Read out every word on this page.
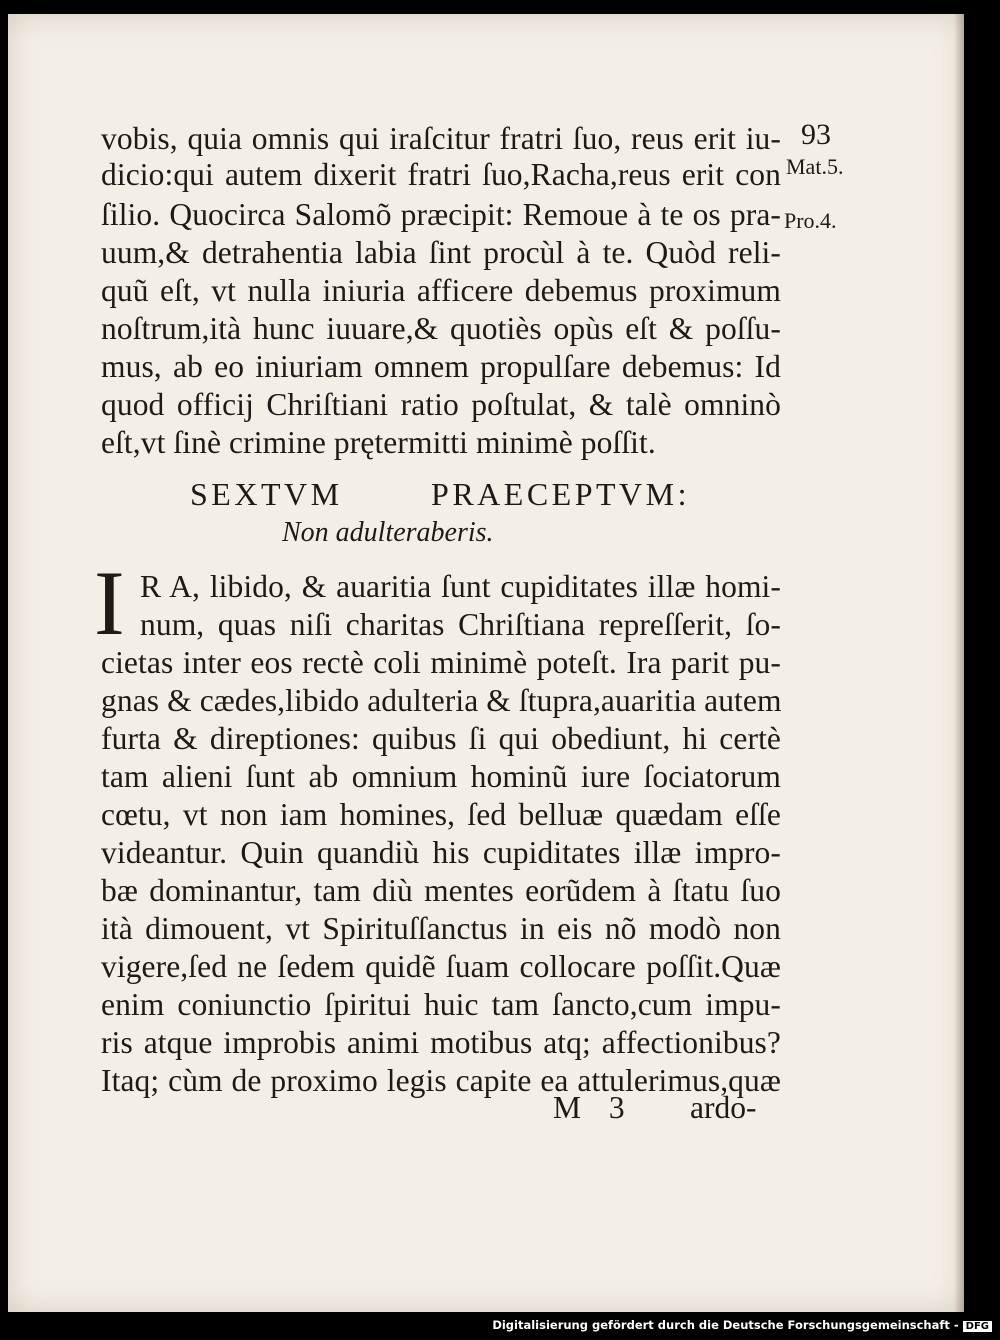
93
Mat.5.
Pro.4.
vobis, quia omnis qui iraſcitur fratri ſuo, reus erit iu-
dicio:qui autem dixerit fratri ſuo,Racha,reus erit con
ſilio. Quocirca Salomõ præcipit: Remoue à te os pra-
uum,& detrahentia labia ſint procùl à te. Quòd reli-
quũ eſt, vt nulla iniuria afficere debemus proximum
noſtrum,ità hunc iuuare,& quotiès opùs eſt & poſſu-
mus, ab eo iniuriam omnem propulſare debemus: Id
quod officij Chriſtiani ratio poſtulat, & talè omninò
eſt,vt ſinè crimine prętermitti minimè poſſit.
SEXTVM PRAECEPTVM:
Non adulteraberis.
I R A, libido, & auaritia ſunt cupiditates illæ homi-
num, quas niſi charitas Chriſtiana repreſſerit, ſo-
cietas inter eos rectè coli minimè poteſt. Ira parit pu-
gnas & cædes,libido adulteria & ſtupra,auaritia autem
furta & direptiones: quibus ſi qui obediunt, hi certè
tam alieni ſunt ab omnium hominũ iure ſociatorum
cœtu, vt non iam homines, ſed belluæ quædam eſſe
videantur. Quin quandiù his cupiditates illæ impro-
bæ dominantur, tam diù mentes eorũdem à ſtatu ſuo
ità dimouent, vt Spirituſſanctus in eis nõ modò non
vigere,ſed ne ſedem quidẽ ſuam collocare poſſit.Quæ
enim coniunctio ſpiritui huic tam ſancto,cum impu-
ris atque improbis animi motibus atq; affectionibus?
Itaq; cùm de proximo legis capite ea attulerimus,quæ
M 3 ardo-
Digitalisierung gefördert durch die Deutsche Forschungsgemeinschaft - DFG
